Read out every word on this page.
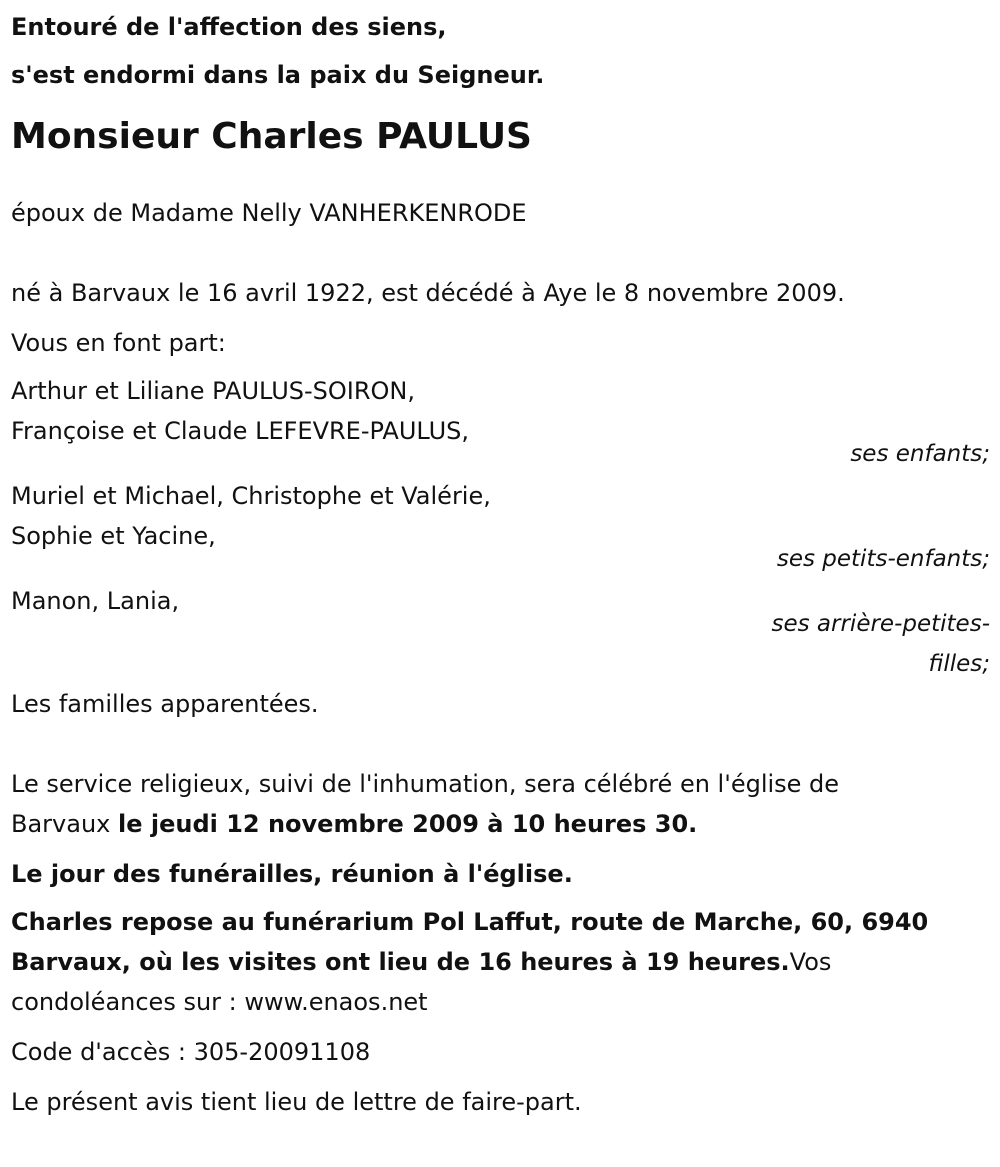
Entouré de l'affection des siens,
s'est endormi dans la paix du Seigneur.
Monsieur Charles PAULUS
époux de Madame Nelly VANHERKENRODE
né à Barvaux le 16 avril 1922, est décédé à Aye le 8 novembre 2009.
Vous en font part:
Arthur et Liliane PAULUS-SOIRON,
Françoise et Claude LEFEVRE-PAULUS,
ses enfants;
Muriel et Michael, Christophe et Valérie,
Sophie et Yacine,
ses petits-enfants;
Manon, Lania,
ses arrière-petites-
filles;
Les familles apparentées.
Le service religieux, suivi de l'inhumation, sera célébré en l'église de
Barvaux le jeudi 12 novembre 2009 à 10 heures 30.
Le jour des funérailles, réunion à l'église.
Charles repose au funérarium Pol Laffut, route de Marche, 60, 6940
Barvaux, où les visites ont lieu de 16 heures à 19 heures.Vos
condoléances sur : www.enaos.net
Code d'accès : 305-20091108
Le présent avis tient lieu de lettre de faire-part.
